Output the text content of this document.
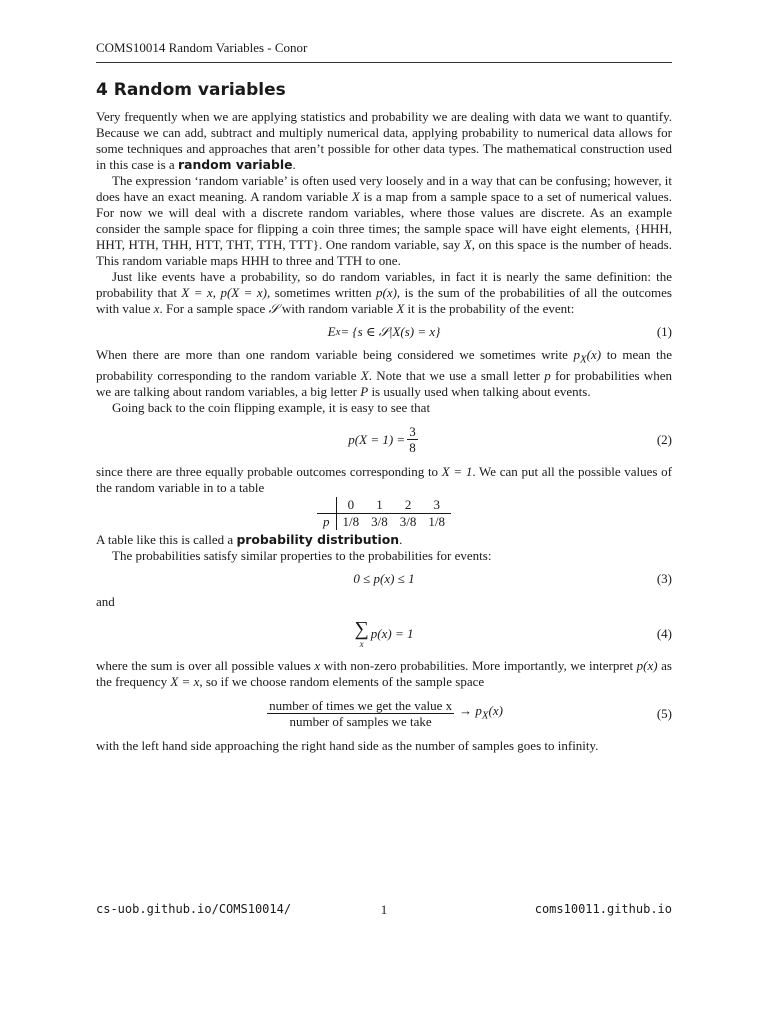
COMS10014 Random Variables - Conor
4 Random variables

Very frequently when we are applying statistics and probability we are dealing with data we want to quantify. Because we can add, subtract and multiply numerical data, applying probability to numerical data allows for some techniques and approaches that aren’t possible for other data types. The mathematical construction used in this case is a random variable.

The expression ‘random variable’ is often used very loosely and in a way that can be confusing; however, it does have an exact meaning. A random variable X is a map from a sample space to a set of numerical values. For now we will deal with a discrete random variables, where those values are discrete. As an example consider the sample space for flipping a coin three times; the sample space will have eight elements, {HHH, HHT, HTH, THH, HTT, THT, TTH, TTT}. One random variable, say X, on this space is the number of heads. This random variable maps HHH to three and TTH to one.

Just like events have a probability, so do random variables, in fact it is nearly the same definition: the probability that X = x, p(X = x), sometimes written p(x), is the sum of the probabilities of all the outcomes with value x. For a sample space 𝒮 with random variable X it is the probability of the event:

E x = {s ∈ 𝒮|X(s) = x}	(1)

When there are more than one random variable being considered we sometimes write $p_X(x)$ to mean the probability corresponding to the random variable X. Note that we use a small letter p for probabilities when we are talking about random variables, a big letter P is usually used when talking about events.

Going back to the coin flipping example, it is easy to see that

$p(X = 1) = \frac{3}{8}$	(2)

since there are three equally probable outcomes corresponding to X = 1. We can put all the possible values of the random variable in to a table

	0	1	2	3
p	1/8	3/8	3/8	1/8

A table like this is called a probability distribution.

The probabilities satisfy similar properties to the probabilities for events:

0 ≤ p(x) ≤ 1	(3)

and

∑
x
p(x) = 1	(4)

where the sum is over all possible values x with non-zero probabilities. More importantly, we interpret p(x) as the frequency X = x, so if we choose random elements of the sample space

$\frac{\text{number of times we get the value x}}{\text{number of samples we take}} \to p_X(x)$	(5)

with the left hand side approaching the right hand side as the number of samples goes to infinity.

cs-uob.github.io/COMS10014/	1	coms10011.github.io
